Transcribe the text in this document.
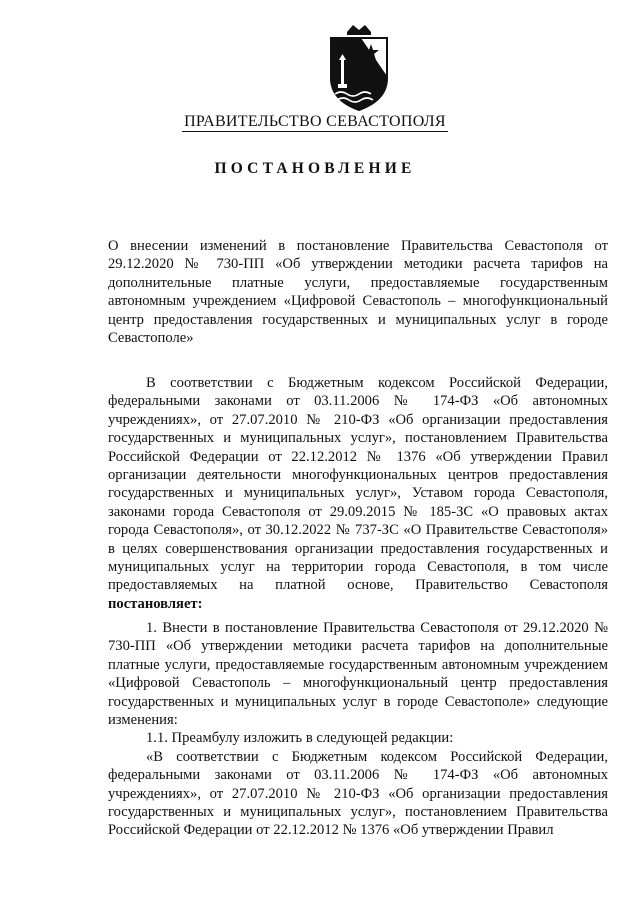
ПРАВИТЕЛЬСТВО СЕВАСТОПОЛЯ
ПОСТАНОВЛЕНИЕ

О внесении изменений в постановление Правительства Севастополя от 29.12.2020 № 730-ПП «Об утверждении методики расчета тарифов на дополнительные платные услуги, предоставляемые государственным автономным учреждением «Цифровой Севастополь – многофункциональный центр предоставления государственных и муниципальных услуг в городе Севастополе»

В соответствии с Бюджетным кодексом Российской Федерации, федеральными законами от 03.11.2006 № 174-ФЗ «Об автономных учреждениях», от 27.07.2010 № 210-ФЗ «Об организации предоставления государственных и муниципальных услуг», постановлением Правительства Российской Федерации от 22.12.2012 № 1376 «Об утверждении Правил организации деятельности многофункциональных центров предоставления государственных и муниципальных услуг», Уставом города Севастополя, законами города Севастополя от 29.09.2015 № 185-ЗС «О правовых актах города Севастополя», от 30.12.2022 № 737-ЗС «О Правительстве Севастополя» в целях совершенствования организации предоставления государственных и муниципальных услуг на территории города Севастополя, в том числе предоставляемых на платной основе, Правительство Севастополя постановляет:

1. Внести в постановление Правительства Севастополя от 29.12.2020 № 730-ПП «Об утверждении методики расчета тарифов на дополнительные платные услуги, предоставляемые государственным автономным учреждением «Цифровой Севастополь – многофункциональный центр предоставления государственных и муниципальных услуг в городе Севастополе» следующие изменения:

1.1. Преамбулу изложить в следующей редакции:

«В соответствии с Бюджетным кодексом Российской Федерации, федеральными законами от 03.11.2006 № 174-ФЗ «Об автономных учреждениях», от 27.07.2010 № 210-ФЗ «Об организации предоставления государственных и муниципальных услуг», постановлением Правительства Российской Федерации от 22.12.2012 № 1376 «Об утверждении Правил
